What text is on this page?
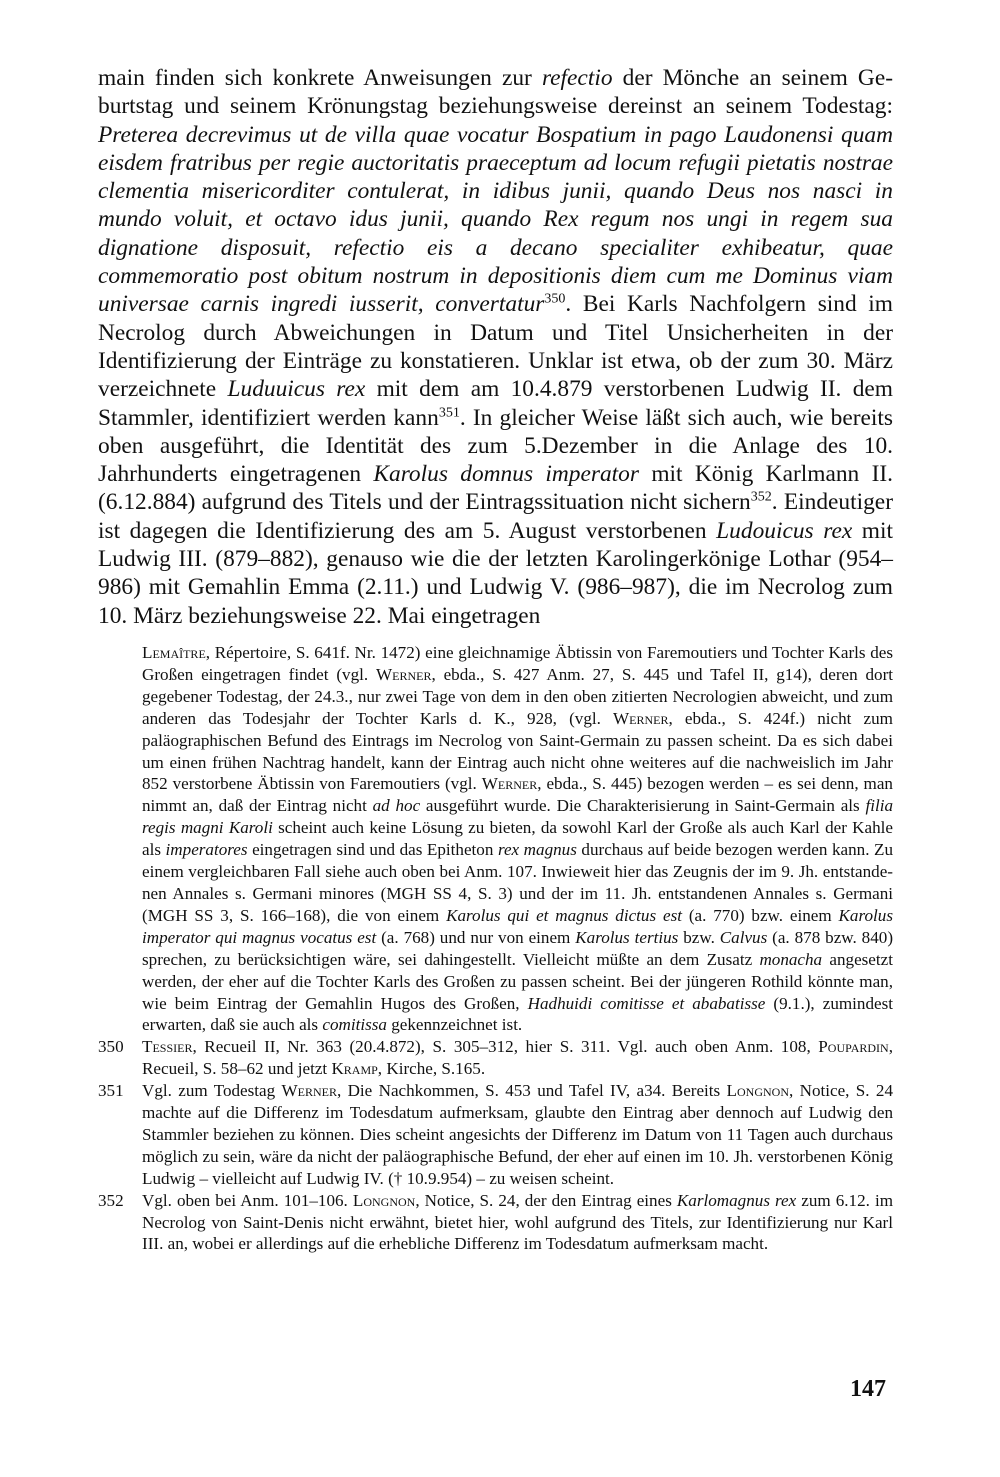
main finden sich konkrete Anweisungen zur refectio der Mönche an seinem Geburtstag und seinem Krönungstag beziehungsweise dereinst an seinem Todestag: Preterea decrevimus ut de villa quae vocatur Bospatium in pago Laudonensi quam eisdem fratribus per regie auctoritatis praeceptum ad locum refugii pietatis nostrae clementia misericorditer contulerat, in idibus junii, quando Deus nos nasci in mundo voluit, et octavo idus junii, quando Rex regum nos ungi in regem sua dignatione disposuit, refectio eis a decano specialiter exhibeatur, quae commemoratio post obitum nostrum in depositionis diem cum me Dominus viam universae carnis ingredi iusserit, convertatur$^{350}$. Bei Karls Nachfolgern sind im Necrolog durch Abweichungen in Datum und Titel Unsicherheiten in der Identifizierung der Einträge zu konstatieren. Unklar ist etwa, ob der zum 30. März verzeichnete Luduuicus rex mit dem am 10.4.879 verstorbenen Ludwig II. dem Stammler, identifiziert werden kann$^{351}$. In gleicher Weise läßt sich auch, wie bereits oben ausgeführt, die Identität des zum 5.Dezember in die Anlage des 10. Jahrhunderts eingetragenen Karolus domnus imperator mit König Karlmann II. (6.12.884) aufgrund des Titels und der Eintragssituation nicht sichern$^{352}$. Eindeutiger ist dagegen die Identifizierung des am 5. August verstorbenen Ludouicus rex mit Ludwig III. (879–882), genauso wie die der letzten Karolingerkönige Lothar (954–986) mit Gemahlin Emma (2.11.) und Ludwig V. (986–987), die im Necrolog zum 10. März beziehungsweise 22. Mai eingetragen

Lemaître, Répertoire, S. 641f. Nr. 1472) eine gleichnamige Äbtissin von Faremoutiers und Tochter Karls des Großen eingetragen findet (vgl. Werner, ebda., S. 427 Anm. 27, S. 445 und Tafel II, g14), deren dort gegebener Todestag, der 24.3., nur zwei Tage von dem in den oben zitierten Necrologien abweicht, und zum anderen das Todesjahr der Tochter Karls d. K., 928, (vgl. Werner, ebda., S. 424f.) nicht zum paläographischen Befund des Eintrags im Necrolog von Saint-Germain zu passen scheint. Da es sich dabei um einen frühen Nachtrag handelt, kann der Eintrag auch nicht ohne weiteres auf die nachweislich im Jahr 852 verstorbene Äbtissin von Faremoutiers (vgl. Werner, ebda., S. 445) bezogen werden – es sei denn, man nimmt an, daß der Eintrag nicht ad hoc ausgeführt wurde. Die Charakterisierung in Saint-Germain als filia regis magni Karoli scheint auch keine Lösung zu bieten, da sowohl Karl der Große als auch Karl der Kahle als imperatores eingetragen sind und das Epitheton rex magnus durchaus auf beide bezogen werden kann. Zu einem vergleichbaren Fall siehe auch oben bei Anm. 107. Inwieweit hier das Zeugnis der im 9. Jh. entstandenen Annales s. Germani minores (MGH SS 4, S. 3) und der im 11. Jh. entstandenen Annales s. Germani (MGH SS 3, S. 166–168), die von einem Karolus qui et magnus dictus est (a. 770) bzw. einem Karolus imperator qui magnus vocatus est (a. 768) und nur von einem Karolus tertius bzw. Calvus (a. 878 bzw. 840) sprechen, zu berücksichtigen wäre, sei dahingestellt. Vielleicht müßte an dem Zusatz monacha angesetzt werden, der eher auf die Tochter Karls des Großen zu passen scheint. Bei der jüngeren Rothild könnte man, wie beim Eintrag der Gemahlin Hugos des Großen, Hadhuidi comitisse et ababatisse (9.1.), zumindest erwarten, daß sie auch als comitissa gekennzeichnet ist.

350 Tessier, Recueil II, Nr. 363 (20.4.872), S. 305–312, hier S. 311. Vgl. auch oben Anm. 108, Poupardin, Recueil, S. 58–62 und jetzt Kramp, Kirche, S.165.

351 Vgl. zum Todestag Werner, Die Nachkommen, S. 453 und Tafel IV, a34. Bereits Longnon, Notice, S. 24 machte auf die Differenz im Todesdatum aufmerksam, glaubte den Eintrag aber dennoch auf Ludwig den Stammler beziehen zu können. Dies scheint angesichts der Differenz im Datum von 11 Tagen auch durchaus möglich zu sein, wäre da nicht der paläographische Befund, der eher auf einen im 10. Jh. verstorbenen König Ludwig – vielleicht auf Ludwig IV. († 10.9.954) – zu weisen scheint.

352 Vgl. oben bei Anm. 101–106. Longnon, Notice, S. 24, der den Eintrag eines Karlomagnus rex zum 6.12. im Necrolog von Saint-Denis nicht erwähnt, bietet hier, wohl aufgrund des Titels, zur Identifizierung nur Karl III. an, wobei er allerdings auf die erhebliche Differenz im Todesdatum aufmerksam macht.

147
